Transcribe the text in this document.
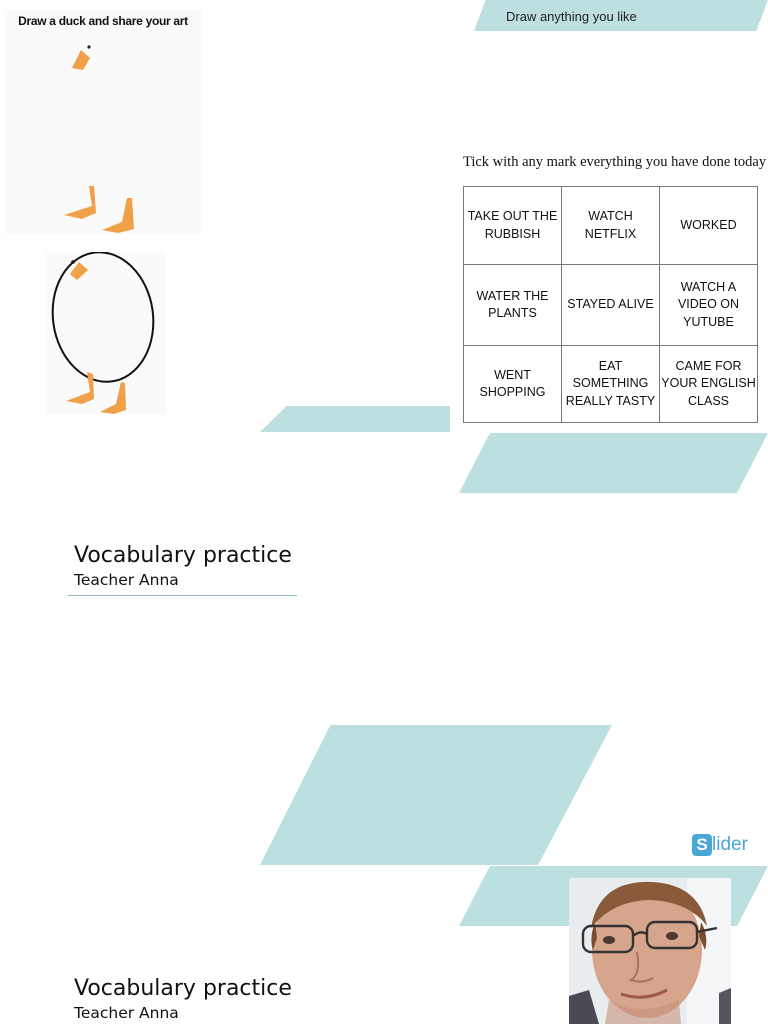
Draw a duck and share your art	Draw anything you like
Tick with any mark everything you have done today
TAKE OUT THE RUBBISH	WATCH NETFLIX	WORKED
WATER THE PLANTS	STAYED ALIVE	WATCH A VIDEO ON YUTUBE
WENT SHOPPING	EAT SOMETHING REALLY TASTY	CAME FOR YOUR ENGLISH CLASS
Vocabulary practice
Teacher Anna
S lider
Vocabulary practice
Teacher Anna
